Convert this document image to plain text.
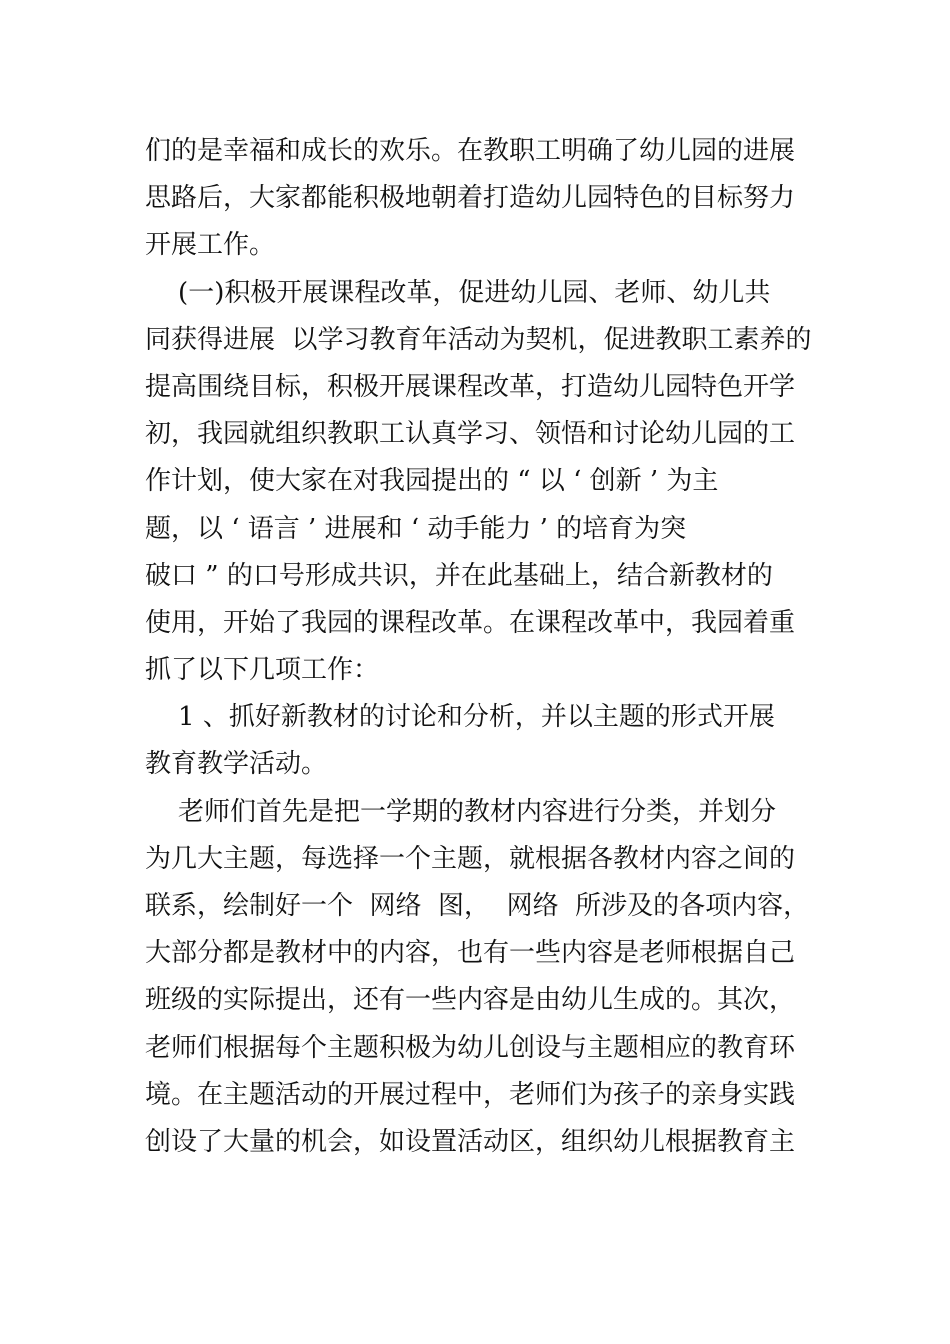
们的是幸福和成长的欢乐。在教职工明确了幼儿园的进展
思路后，大家都能积极地朝着打造幼儿园特色的目标努力
开展工作。
(一)积极开展课程改革，促进幼儿园、老师、幼儿共
同获得进展  以学习教育年活动为契机，促进教职工素养的
提高围绕目标，积极开展课程改革，打造幼儿园特色开学
初，我园就组织教职工认真学习、领悟和讨论幼儿园的工
作计划，使大家在对我园提出的 “ 以 ‘ 创新 ’ 为主
题，以 ‘ 语言 ’ 进展和 ‘ 动手能力 ’ 的培育为突
破口 ” 的口号形成共识，并在此基础上，结合新教材的
使用，开始了我园的课程改革。在课程改革中，我园着重
抓了以下几项工作：
1 、抓好新教材的讨论和分析，并以主题的形式开展
教育教学活动。
老师们首先是把一学期的教材内容进行分类，并划分
为几大主题，每选择一个主题，就根据各教材内容之间的
联系，绘制好一个  网络  图，  网络  所涉及的各项内容，
大部分都是教材中的内容，也有一些内容是老师根据自己
班级的实际提出，还有一些内容是由幼儿生成的。其次，
老师们根据每个主题积极为幼儿创设与主题相应的教育环
境。在主题活动的开展过程中，老师们为孩子的亲身实践
创设了大量的机会，如设置活动区，组织幼儿根据教育主
